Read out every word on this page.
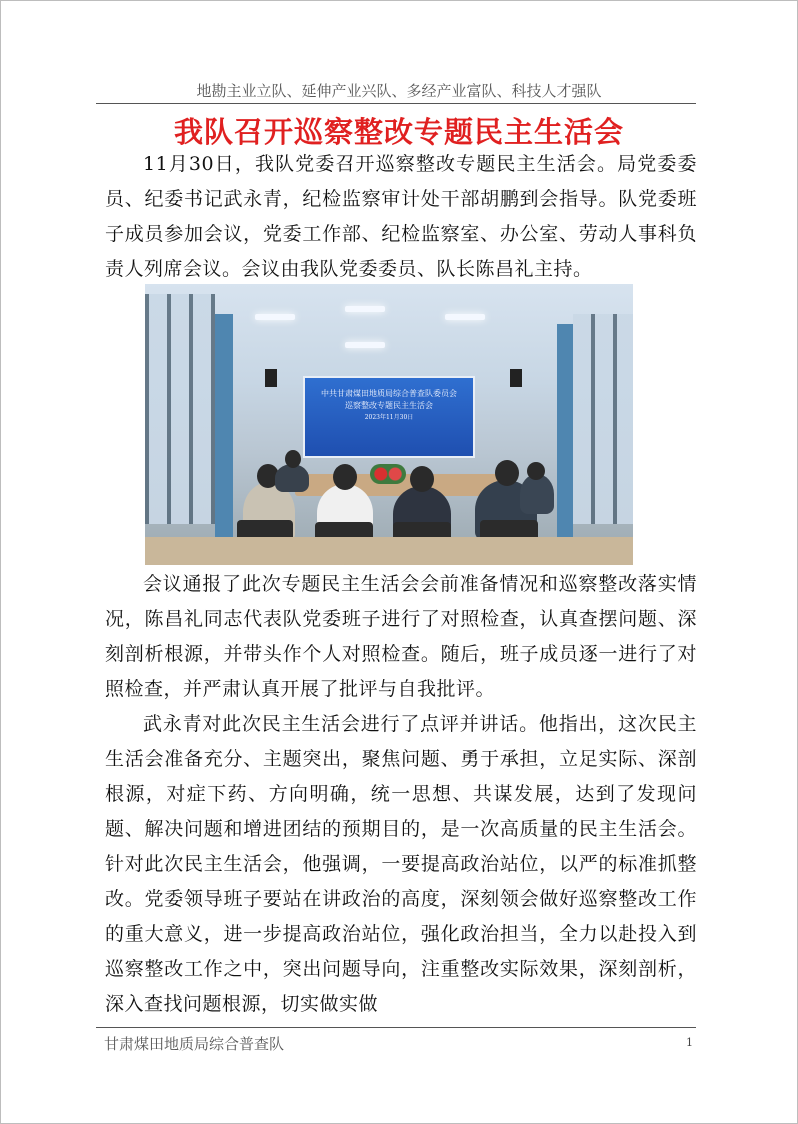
地勘主业立队、延伸产业兴队、多经产业富队、科技人才强队
我队召开巡察整改专题民主生活会

11月30日，我队党委召开巡察整改专题民主生活会。局党委委员、纪委书记武永青，纪检监察审计处干部胡鹏到会指导。队党委班子成员参加会议，党委工作部、纪检监察室、办公室、劳动人事科负责人列席会议。会议由我队党委委员、队长陈昌礼主持。

中共甘肃煤田地质局综合普查队委员会
巡察整改专题民主生活会
2023年11月30日

会议通报了此次专题民主生活会会前准备情况和巡察整改落实情况，陈昌礼同志代表队党委班子进行了对照检查，认真查摆问题、深刻剖析根源，并带头作个人对照检查。随后，班子成员逐一进行了对照检查，并严肃认真开展了批评与自我批评。

武永青对此次民主生活会进行了点评并讲话。他指出，这次民主生活会准备充分、主题突出，聚焦问题、勇于承担，立足实际、深剖根源，对症下药、方向明确，统一思想、共谋发展，达到了发现问题、解决问题和增进团结的预期目的，是一次高质量的民主生活会。针对此次民主生活会，他强调，一要提高政治站位，以严的标准抓整改。党委领导班子要站在讲政治的高度，深刻领会做好巡察整改工作的重大意义，进一步提高政治站位，强化政治担当，全力以赴投入到巡察整改工作之中，突出问题导向，注重整改实际效果，深刻剖析，深入查找问题根源，切实做实做

甘肃煤田地质局综合普查队	1
